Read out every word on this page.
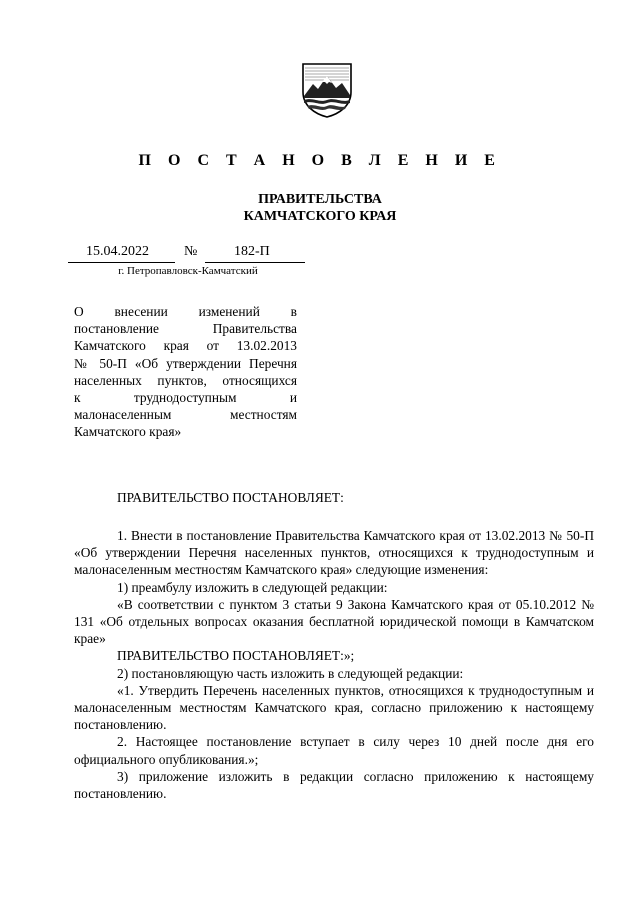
П О С Т А Н О В Л Е Н И Е
ПРАВИТЕЛЬСТВА
КАМЧАТСКОГО КРАЯ
15.04.2022	№	182-П
г. Петропавловск-Камчатский
О внесении изменений в
постановление Правительства
Камчатского края от 13.02.2013
№ 50-П «Об утверждении Перечня
населенных пунктов, относящихся
к труднодоступным и
малонаселенным местностям
Камчатского края»
ПРАВИТЕЛЬСТВО ПОСТАНОВЛЯЕТ:

1. Внести в постановление Правительства Камчатского края от 13.02.2013 № 50-П «Об утверждении Перечня населенных пунктов, относящихся к труднодоступным и малонаселенным местностям Камчатского края» следующие изменения:

1) преамбулу изложить в следующей редакции:

«В соответствии с пунктом 3 статьи 9 Закона Камчатского края от 05.10.2012 № 131 «Об отдельных вопросах оказания бесплатной юридической помощи в Камчатском крае»

ПРАВИТЕЛЬСТВО ПОСТАНОВЛЯЕТ:»;

2) постановляющую часть изложить в следующей редакции:

«1. Утвердить Перечень населенных пунктов, относящихся к труднодоступным и малонаселенным местностям Камчатского края, согласно приложению к настоящему постановлению.

2. Настоящее постановление вступает в силу через 10 дней после дня его официального опубликования.»;

3) приложение изложить в редакции согласно приложению к настоящему постановлению.
